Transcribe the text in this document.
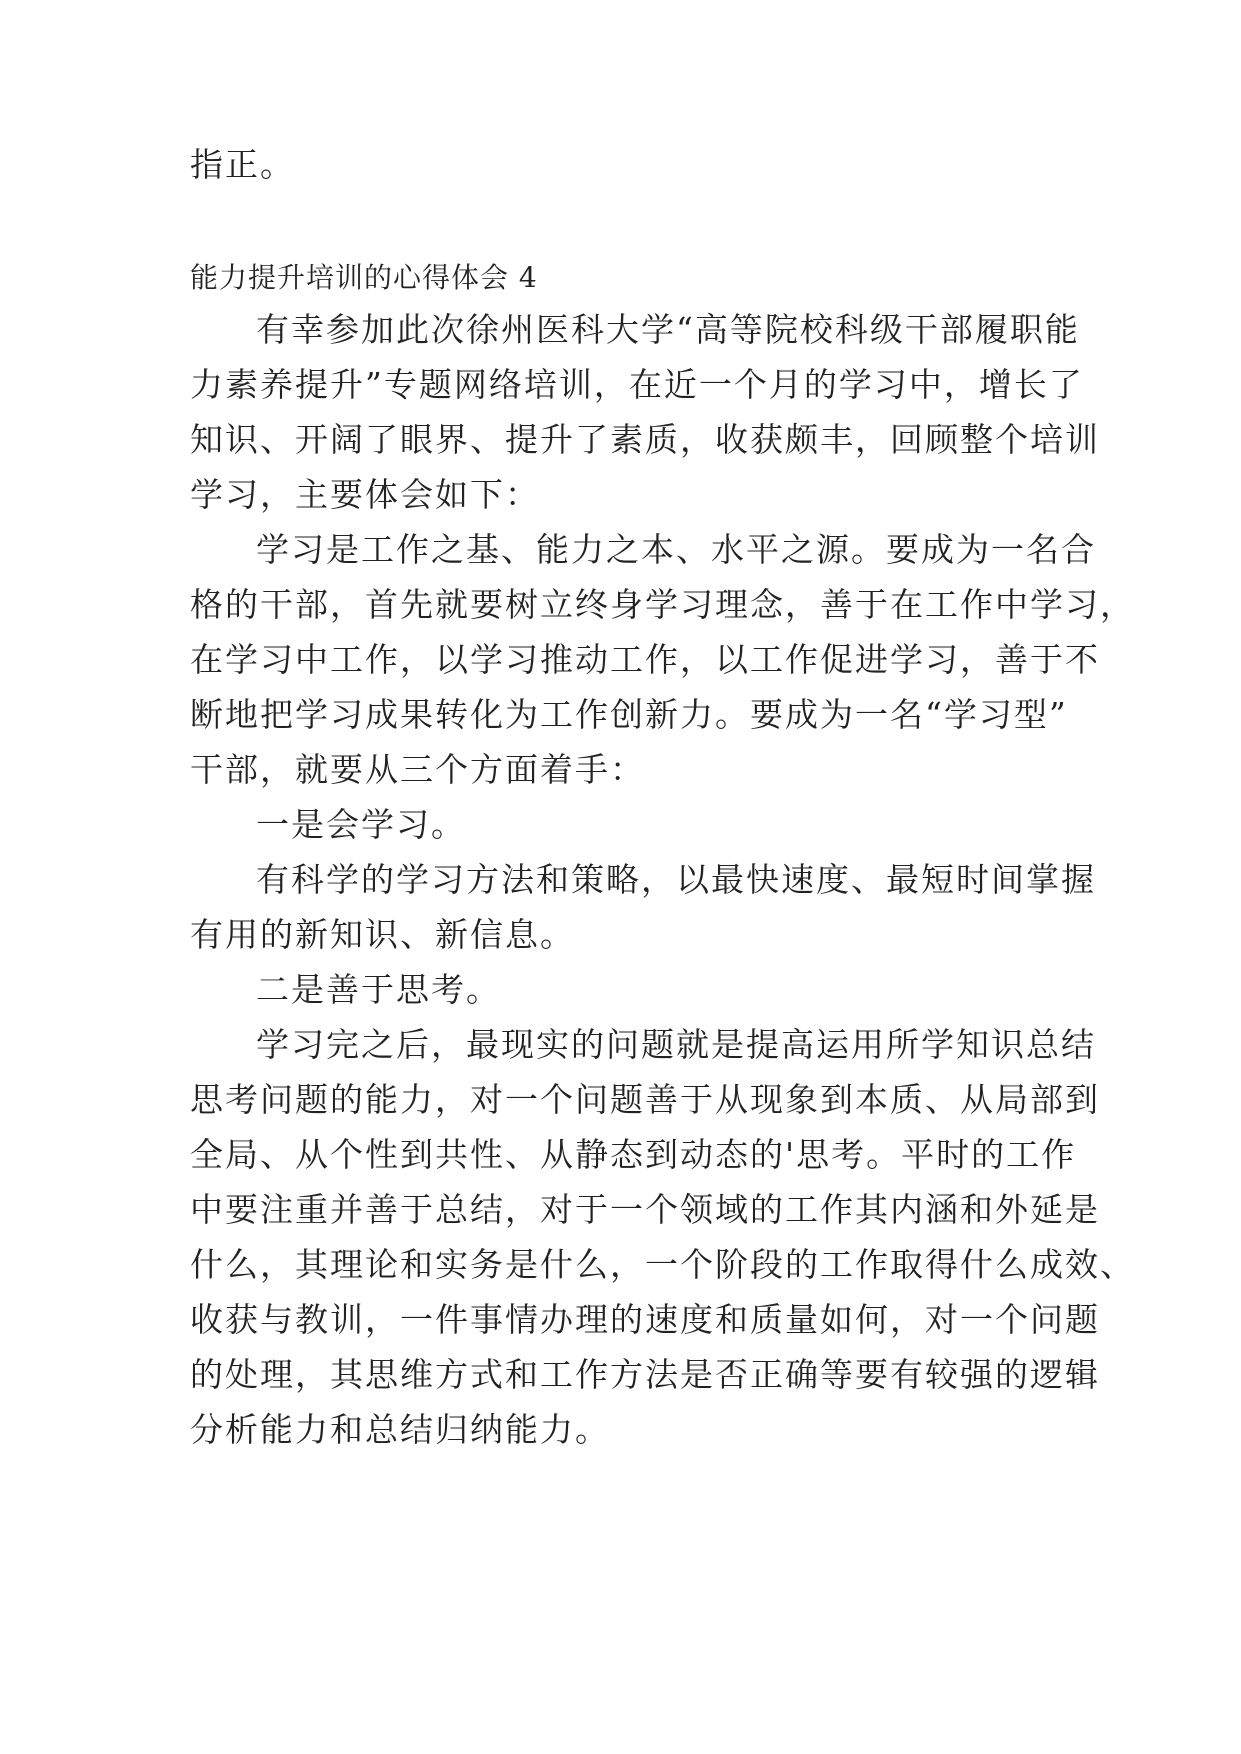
指正。
能力提升培训的心得体会 4
有幸参加此次徐州医科大学“高等院校科级干部履职能
力素养提升”专题网络培训，在近一个月的学习中，增长了
知识、开阔了眼界、提升了素质，收获颇丰，回顾整个培训
学习，主要体会如下：
学习是工作之基、能力之本、水平之源。要成为一名合
格的干部，首先就要树立终身学习理念，善于在工作中学习，
在学习中工作，以学习推动工作，以工作促进学习，善于不
断地把学习成果转化为工作创新力。要成为一名“学习型”
干部，就要从三个方面着手：
一是会学习。
有科学的学习方法和策略，以最快速度、最短时间掌握
有用的新知识、新信息。
二是善于思考。
学习完之后，最现实的问题就是提高运用所学知识总结
思考问题的能力，对一个问题善于从现象到本质、从局部到
全局、从个性到共性、从静态到动态的'思考。平时的工作
中要注重并善于总结，对于一个领域的工作其内涵和外延是
什么，其理论和实务是什么，一个阶段的工作取得什么成效、
收获与教训，一件事情办理的速度和质量如何，对一个问题
的处理，其思维方式和工作方法是否正确等要有较强的逻辑
分析能力和总结归纳能力。
